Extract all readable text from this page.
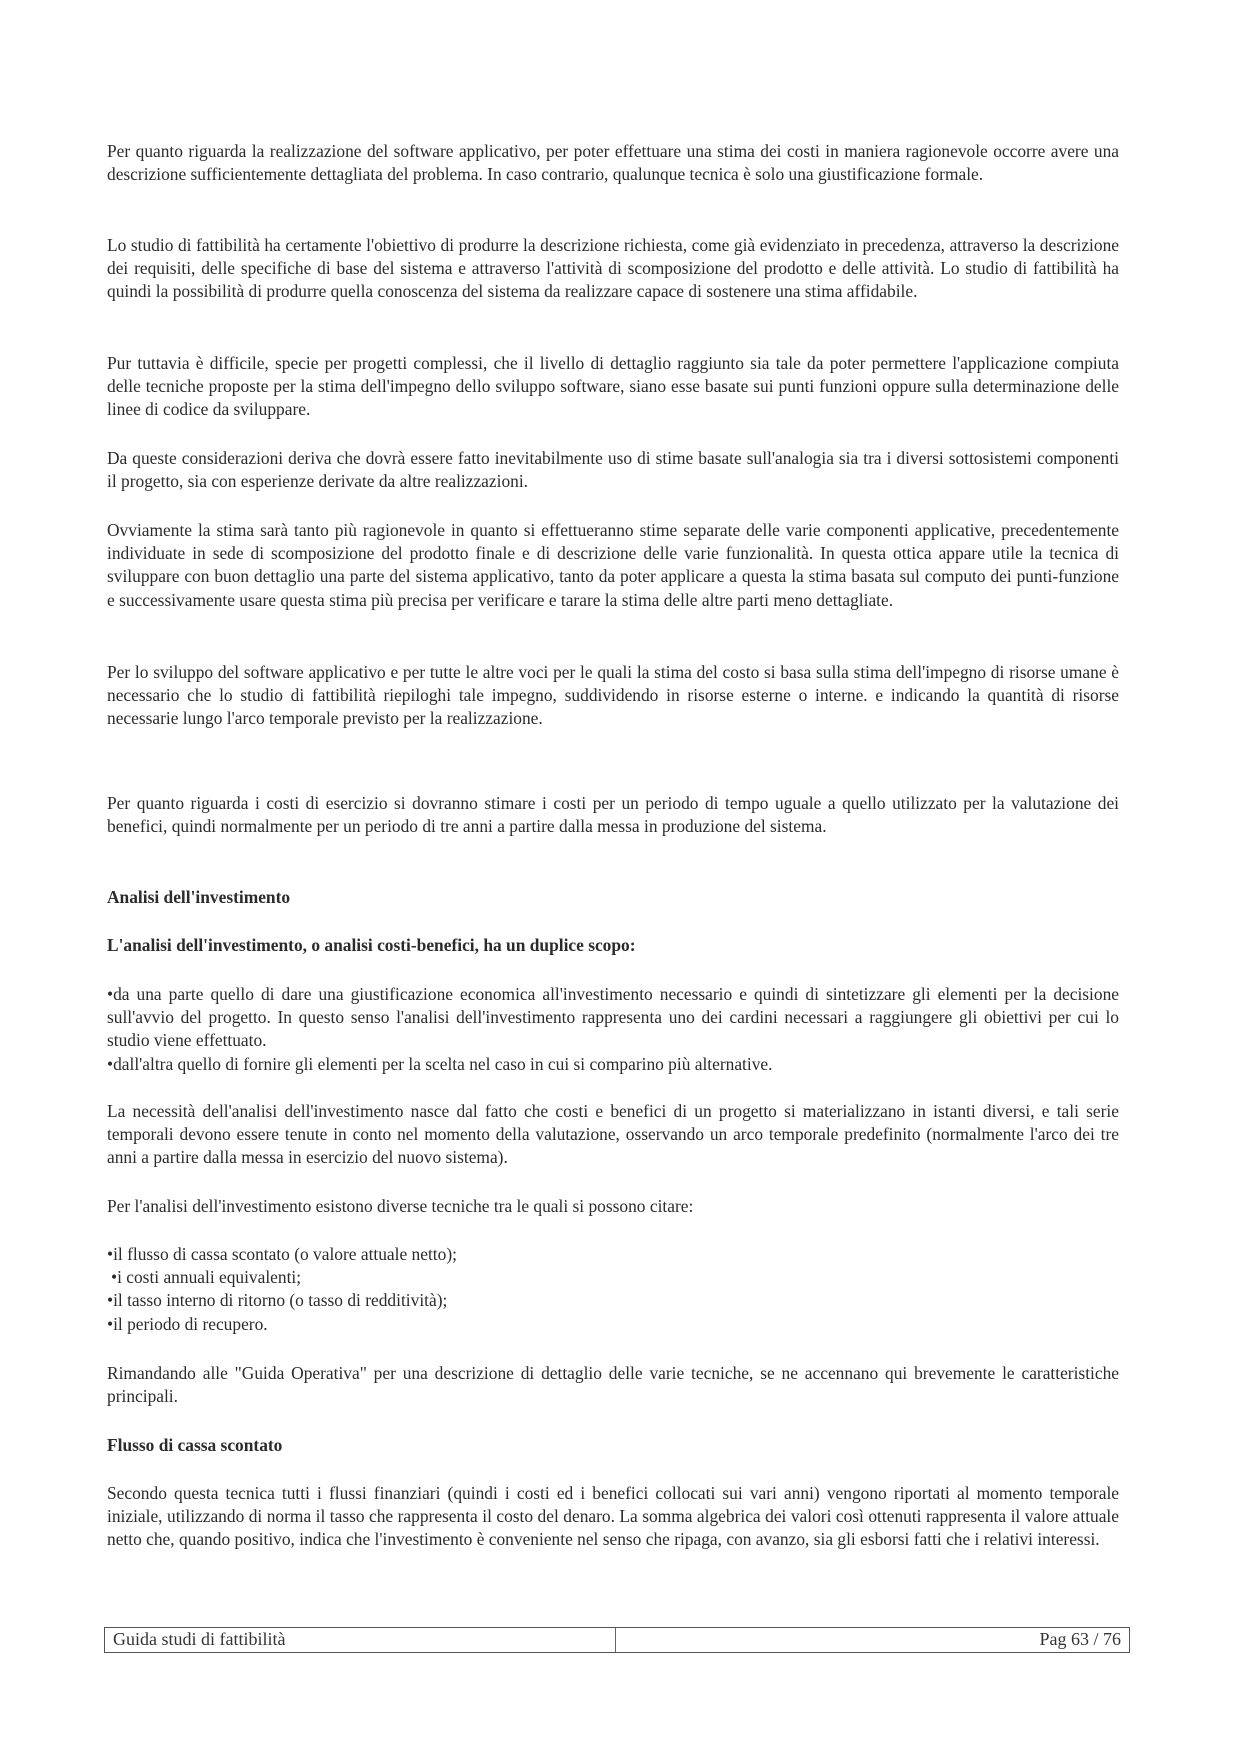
Per quanto riguarda la realizzazione del software applicativo, per poter effettuare una stima dei costi in maniera ragionevole occorre avere una descrizione sufficientemente dettagliata del problema. In caso contrario, qualunque tecnica è solo una giustificazione formale.

Lo studio di fattibilità ha certamente l'obiettivo di produrre la descrizione richiesta, come già evidenziato in precedenza, attraverso la descrizione dei requisiti, delle specifiche di base del sistema e attraverso l'attività di scomposizione del prodotto e delle attività. Lo studio di fattibilità ha quindi la possibilità di produrre quella conoscenza del sistema da realizzare capace di sostenere una stima affidabile.

Pur tuttavia è difficile, specie per progetti complessi, che il livello di dettaglio raggiunto sia tale da poter permettere l'applicazione compiuta delle tecniche proposte per la stima dell'impegno dello sviluppo software, siano esse basate sui punti funzioni oppure sulla determinazione delle linee di codice da sviluppare.

Da queste considerazioni deriva che dovrà essere fatto inevitabilmente uso di stime basate sull'analogia sia tra i diversi sottosistemi componenti il progetto, sia con esperienze derivate da altre realizzazioni.

Ovviamente la stima sarà tanto più ragionevole in quanto si effettueranno stime separate delle varie componenti applicative, precedentemente individuate in sede di scomposizione del prodotto finale e di descrizione delle varie funzionalità. In questa ottica appare utile la tecnica di sviluppare con buon dettaglio una parte del sistema applicativo, tanto da poter applicare a questa la stima basata sul computo dei punti-funzione e successivamente usare questa stima più precisa per verificare e tarare la stima delle altre parti meno dettagliate.

Per lo sviluppo del software applicativo e per tutte le altre voci per le quali la stima del costo si basa sulla stima dell'impegno di risorse umane è necessario che lo studio di fattibilità riepiloghi tale impegno, suddividendo in risorse esterne o interne. e indicando la quantità di risorse necessarie lungo l'arco temporale previsto per la realizzazione.

Per quanto riguarda i costi di esercizio si dovranno stimare i costi per un periodo di tempo uguale a quello utilizzato per la valutazione dei benefici, quindi normalmente per un periodo di tre anni a partire dalla messa in produzione del sistema.

Analisi dell'investimento

L'analisi dell'investimento, o analisi costi-benefici, ha un duplice scopo:

•da una parte quello di dare una giustificazione economica all'investimento necessario e quindi di sintetizzare gli elementi per la decisione sull'avvio del progetto. In questo senso l'analisi dell'investimento rappresenta uno dei cardini necessari a raggiungere gli obiettivi per cui lo studio viene effettuato.
•dall'altra quello di fornire gli elementi per la scelta nel caso in cui si comparino più alternative.

La necessità dell'analisi dell'investimento nasce dal fatto che costi e benefici di un progetto si materializzano in istanti diversi, e tali serie temporali devono essere tenute in conto nel momento della valutazione, osservando un arco temporale predefinito (normalmente l'arco dei tre anni a partire dalla messa in esercizio del nuovo sistema).

Per l'analisi dell'investimento esistono diverse tecniche tra le quali si possono citare:

•il flusso di cassa scontato (o valore attuale netto);
•i costi annuali equivalenti;
•il tasso interno di ritorno (o tasso di redditività);
•il periodo di recupero.

Rimandando alle "Guida Operativa" per una descrizione di dettaglio delle varie tecniche, se ne accennano qui brevemente le caratteristiche principali.

Flusso di cassa scontato

Secondo questa tecnica tutti i flussi finanziari (quindi i costi ed i benefici collocati sui vari anni) vengono riportati al momento temporale iniziale, utilizzando di norma il tasso che rappresenta il costo del denaro. La somma algebrica dei valori così ottenuti rappresenta il valore attuale netto che, quando positivo, indica che l'investimento è conveniente nel senso che ripaga, con avanzo, sia gli esborsi fatti che i relativi interessi.

Guida studi di fattibilità	Pag 63 / 76
